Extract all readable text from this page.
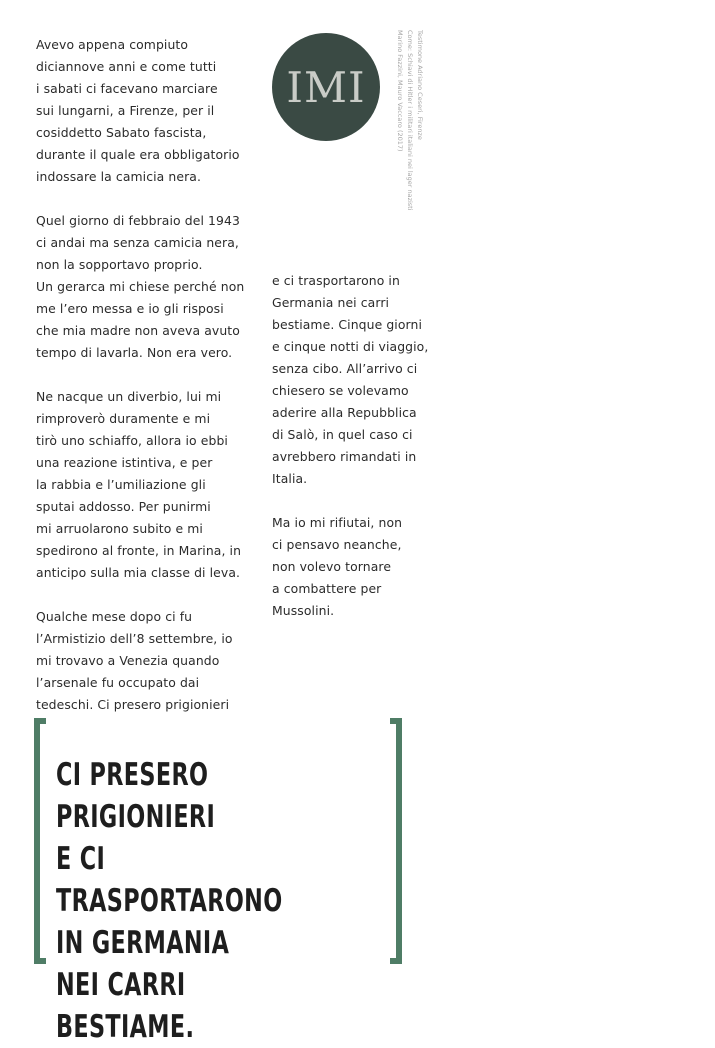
Avevo appena compiuto
diciannove anni e come tutti
i sabati ci facevano marciare
sui lungarni, a Firenze, per il
cosiddetto Sabato fascista,
durante il quale era obbligatorio
indossare la camicia nera.

Quel giorno di febbraio del 1943
ci andai ma senza camicia nera,
non la sopportavo proprio.
Un gerarca mi chiese perché non
me l’ero messa e io gli risposi
che mia madre non aveva avuto
tempo di lavarla. Non era vero.

Ne nacque un diverbio, lui mi
rimproverò duramente e mi
tirò uno schiaffo, allora io ebbi
una reazione istintiva, e per
la rabbia e l’umiliazione gli
sputai addosso. Per punirmi
mi arruolarono subito e mi
spedirono al fronte, in Marina, in
anticipo sulla mia classe di leva.

Qualche mese dopo ci fu
l’Armistizio dell’8 settembre, io
mi trovavo a Venezia quando
l’arsenale fu occupato dai
tedeschi. Ci presero prigionieri

IMI
Testimone Adriano Ceseri, Firenze
Come: Schiavi di Hitler i militari italiani nei lager nazisti
Marino Fazzini, Mauro Vaccaro (2017)

e ci trasportarono in
Germania nei carri
bestiame. Cinque giorni
e cinque notti di viaggio,
senza cibo. All’arrivo ci
chiesero se volevamo
aderire alla Repubblica
di Salò, in quel caso ci
avrebbero rimandati in
Italia.

Ma io mi rifiutai, non
ci pensavo neanche,
non volevo tornare
a combattere per
Mussolini.

CI PRESERO PRIGIONIERI
E CI TRASPORTARONO
IN GERMANIA
NEI CARRI BESTIAME.
